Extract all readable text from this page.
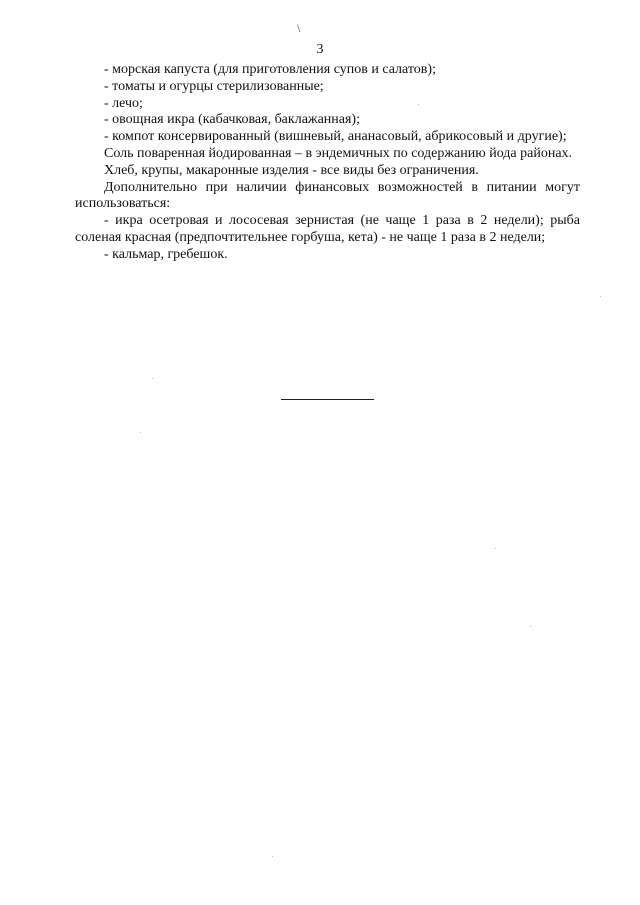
\
3

- морская капуста (для приготовления супов и салатов);

- томаты и огурцы стерилизованные;

- лечо;

- овощная икра (кабачковая, баклажанная);

- компот консервированный (вишневый, ананасовый, абрикосовый и другие);

Соль поваренная йодированная – в эндемичных по содержанию йода районах.

Хлеб, крупы, макаронные изделия - все виды без ограничения.

Дополнительно при наличии финансовых возможностей в питании могут использоваться:

- икра осетровая и лососевая зернистая (не чаще 1 раза в 2 недели); рыба соленая красная (предпочтительнее горбуша, кета) - не чаще 1 раза в 2 недели;

- кальмар, гребешок.
